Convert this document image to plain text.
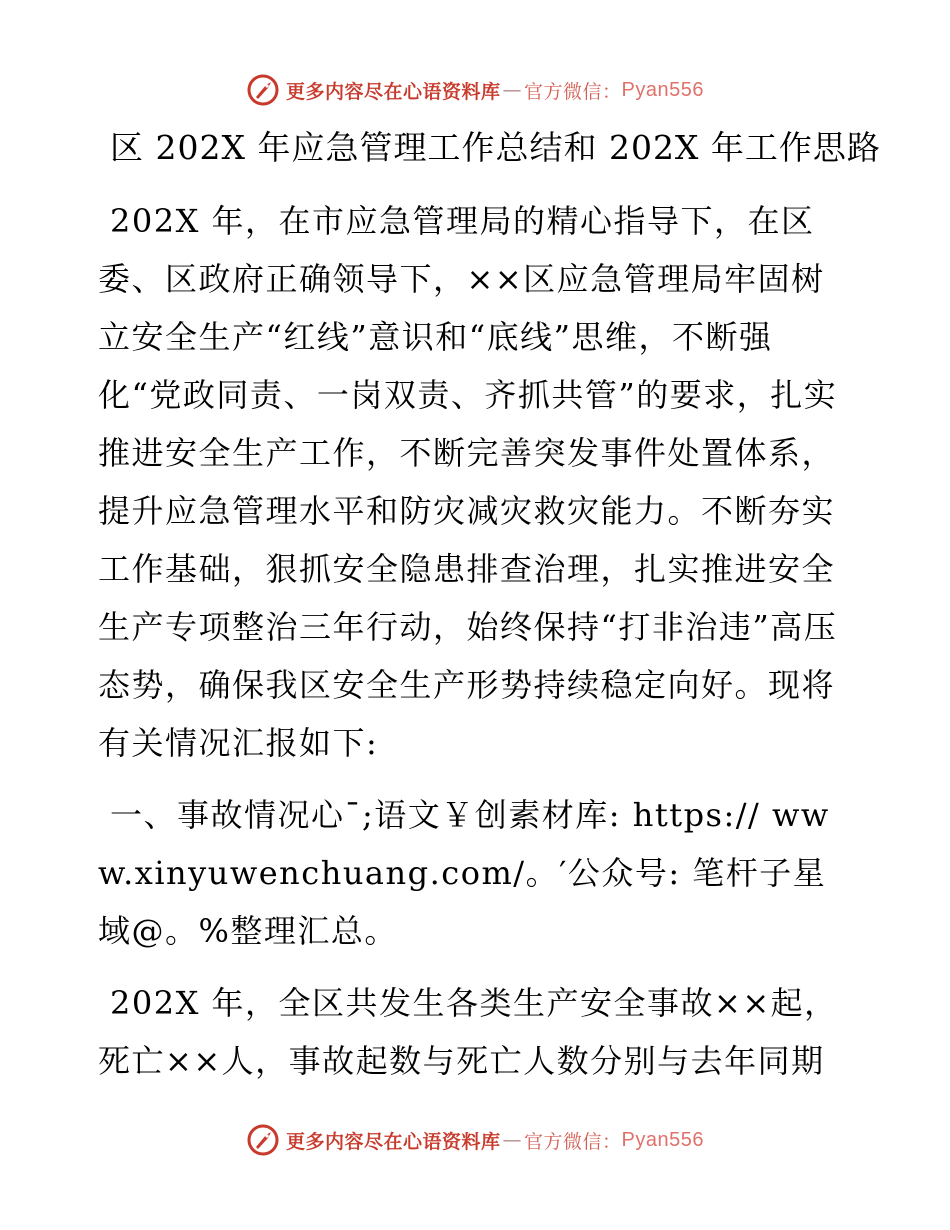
更多内容尽在心语资料库 — 官方微信： Pyan556
区 202X 年应急管理工作总结和 202X 年工作思路

202X 年，在市应急管理局的精心指导下，在区委、区政府正确领导下，××区应急管理局牢固树立安全生产“红线”意识和“底线”思维，不断强化“党政同责、一岗双责、齐抓共管”的要求，扎实推进安全生产工作，不断完善突发事件处置体系，提升应急管理水平和防灾减灾救灾能力。不断夯实工作基础，狠抓安全隐患排查治理，扎实推进安全生产专项整治三年行动，始终保持“打非治违”高压态势，确保我区安全生产形势持续稳定向好。现将有关情况汇报如下:

一、事故情况心¯;语文￥创素材库: https:// www.xinyuwenchuang.com/。′公众号: 笔杆子星域@。%整理汇总。

202X 年，全区共发生各类生产安全事故××起，死亡××人，事故起数与死亡人数分别与去年同期

更多内容尽在心语资料库 — 官方微信： Pyan556
